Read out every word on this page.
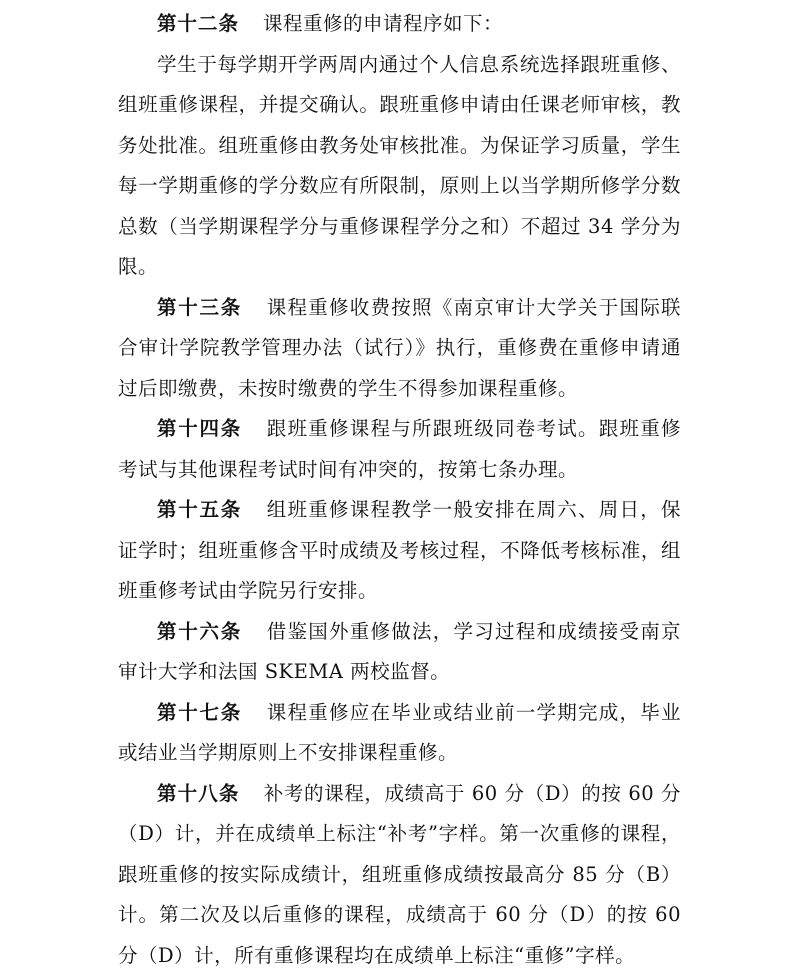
第十二条 课程重修的申请程序如下：

学生于每学期开学两周内通过个人信息系统选择跟班重修、组班重修课程，并提交确认。跟班重修申请由任课老师审核，教务处批准。组班重修由教务处审核批准。为保证学习质量，学生每一学期重修的学分数应有所限制，原则上以当学期所修学分数总数（当学期课程学分与重修课程学分之和）不超过 34 学分为限。

第十三条 课程重修收费按照《南京审计大学关于国际联合审计学院教学管理办法（试行）》执行，重修费在重修申请通过后即缴费，未按时缴费的学生不得参加课程重修。

第十四条 跟班重修课程与所跟班级同卷考试。跟班重修考试与其他课程考试时间有冲突的，按第七条办理。

第十五条 组班重修课程教学一般安排在周六、周日，保证学时；组班重修含平时成绩及考核过程，不降低考核标准，组班重修考试由学院另行安排。

第十六条 借鉴国外重修做法，学习过程和成绩接受南京审计大学和法国 SKEMA 两校监督。

第十七条 课程重修应在毕业或结业前一学期完成，毕业或结业当学期原则上不安排课程重修。

第十八条 补考的课程，成绩高于 60 分（D）的按 60 分（D）计，并在成绩单上标注“补考”字样。第一次重修的课程，跟班重修的按实际成绩计，组班重修成绩按最高分 85 分（B）计。第二次及以后重修的课程，成绩高于 60 分（D）的按 60 分（D）计，所有重修课程均在成绩单上标注“重修”字样。
